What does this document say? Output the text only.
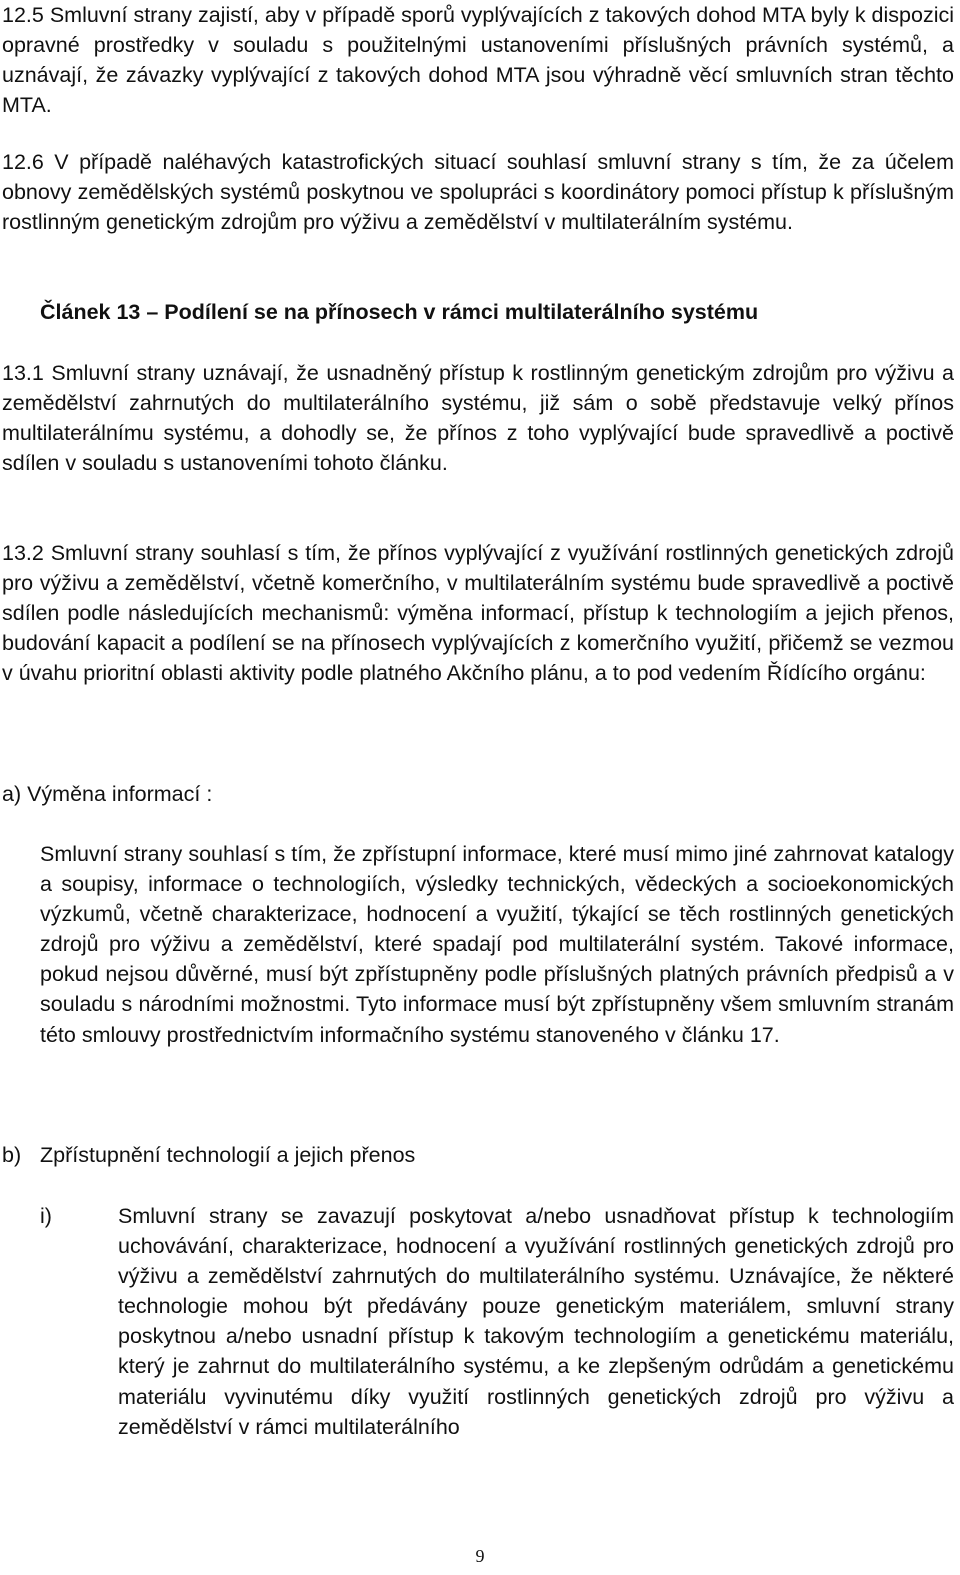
12.5 Smluvní strany zajistí, aby v případě sporů vyplývajících z takových dohod MTA byly k dispozici opravné prostředky v souladu s použitelnými ustanoveními příslušných právních systémů, a uznávají, že závazky vyplývající z takových dohod MTA jsou výhradně věcí smluvních stran těchto MTA.

12.6 V případě naléhavých katastrofických situací souhlasí smluvní strany s tím, že za účelem obnovy zemědělských systémů poskytnou ve spolupráci s koordinátory pomoci přístup k příslušným rostlinným genetickým zdrojům pro výživu a zemědělství v multilaterálním systému.

Článek 13 – Podílení se na přínosech v rámci multilaterálního systému

13.1 Smluvní strany uznávají, že usnadněný přístup k rostlinným genetickým zdrojům pro výživu a zemědělství zahrnutých do multilaterálního systému, již sám o sobě představuje velký přínos multilaterálnímu systému, a dohodly se, že přínos z toho vyplývající bude spravedlivě a poctivě sdílen v souladu s ustanoveními tohoto článku.

13.2 Smluvní strany souhlasí s tím, že přínos vyplývající z využívání rostlinných genetických zdrojů pro výživu a zemědělství, včetně komerčního, v multilaterálním systému bude spravedlivě a poctivě sdílen podle následujících mechanismů: výměna informací, přístup k technologiím a jejich přenos, budování kapacit a podílení se na přínosech vyplývajících z komerčního využití, přičemž se vezmou v úvahu prioritní oblasti aktivity podle platného Akčního plánu, a to pod vedením Řídícího orgánu:

a) Výměna informací :

Smluvní strany souhlasí s tím, že zpřístupní informace, které musí mimo jiné zahrnovat katalogy a soupisy, informace o technologiích, výsledky technických, vědeckých a socioekonomických výzkumů, včetně charakterizace, hodnocení a využití, týkající se těch rostlinných genetických zdrojů pro výživu a zemědělství, které spadají pod multilaterální systém. Takové informace, pokud nejsou důvěrné, musí být zpřístupněny podle příslušných platných právních předpisů a v souladu s národními možnostmi. Tyto informace musí být zpřístupněny všem smluvním stranám této smlouvy prostřednictvím informačního systému stanoveného v článku 17.

b) Zpřístupnění technologií a jejich přenos

i)	Smluvní strany se zavazují poskytovat a/nebo usnadňovat přístup k technologiím uchovávání, charakterizace, hodnocení a využívání rostlinných genetických zdrojů pro výživu a zemědělství zahrnutých do multilaterálního systému. Uznávajíce, že některé technologie mohou být předávány pouze genetickým materiálem, smluvní strany poskytnou a/nebo usnadní přístup k takovým technologiím a genetickému materiálu, který je zahrnut do multilaterálního systému, a ke zlepšeným odrůdám a genetickému materiálu vyvinutému díky využití rostlinných genetických zdrojů pro výživu a zemědělství v rámci multilaterálního

9
